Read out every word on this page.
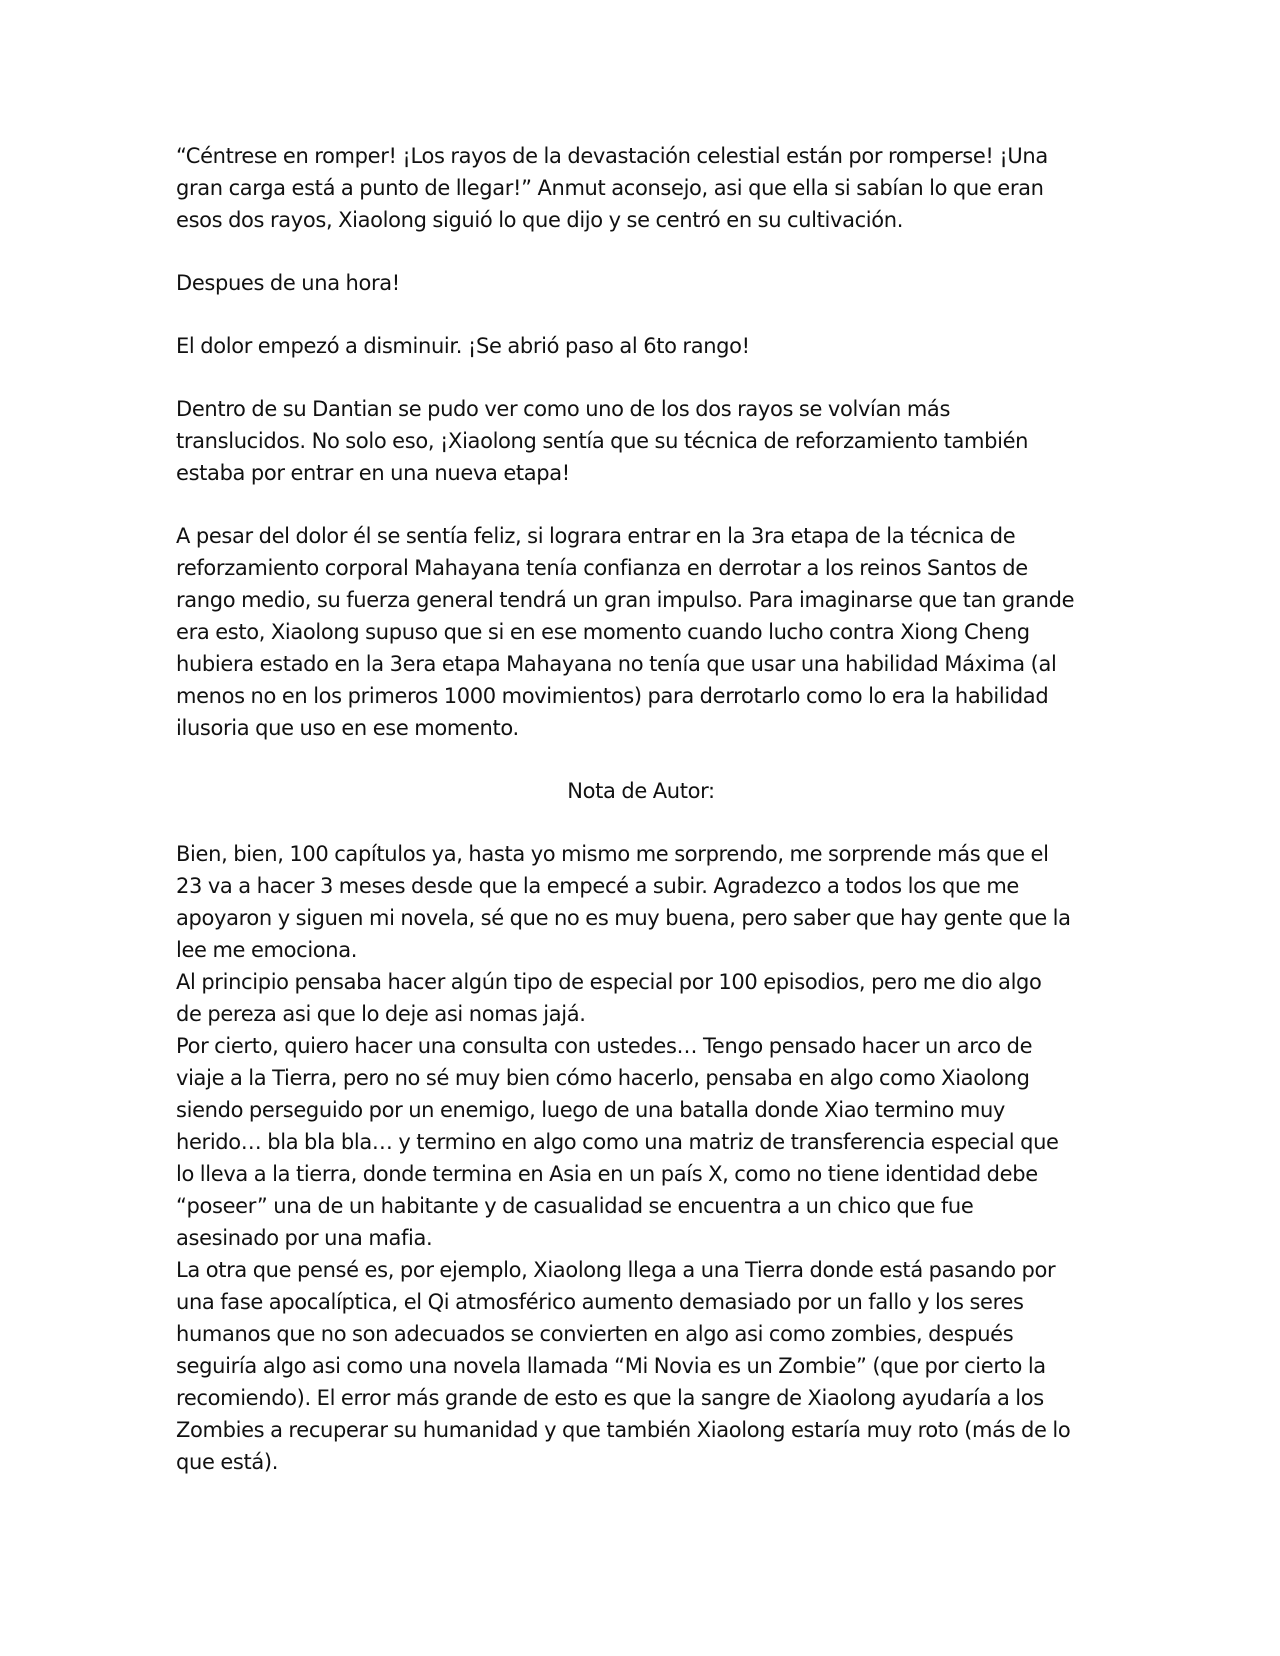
“Céntrese en romper! ¡Los rayos de la devastación celestial están por romperse! ¡Una
gran carga está a punto de llegar!” Anmut aconsejo, asi que ella si sabían lo que eran
esos dos rayos, Xiaolong siguió lo que dijo y se centró en su cultivación.

Despues de una hora!

El dolor empezó a disminuir. ¡Se abrió paso al 6to rango!

Dentro de su Dantian se pudo ver como uno de los dos rayos se volvían más
translucidos. No solo eso, ¡Xiaolong sentía que su técnica de reforzamiento también
estaba por entrar en una nueva etapa!

A pesar del dolor él se sentía feliz, si lograra entrar en la 3ra etapa de la técnica de
reforzamiento corporal Mahayana tenía confianza en derrotar a los reinos Santos de
rango medio, su fuerza general tendrá un gran impulso. Para imaginarse que tan grande
era esto, Xiaolong supuso que si en ese momento cuando lucho contra Xiong Cheng
hubiera estado en la 3era etapa Mahayana no tenía que usar una habilidad Máxima (al
menos no en los primeros 1000 movimientos) para derrotarlo como lo era la habilidad
ilusoria que uso en ese momento.

Nota de Autor:
Bien, bien, 100 capítulos ya, hasta yo mismo me sorprendo, me sorprende más que el
23 va a hacer 3 meses desde que la empecé a subir. Agradezco a todos los que me
apoyaron y siguen mi novela, sé que no es muy buena, pero saber que hay gente que la
lee me emociona.
Al principio pensaba hacer algún tipo de especial por 100 episodios, pero me dio algo
de pereza asi que lo deje asi nomas jajá.
Por cierto, quiero hacer una consulta con ustedes… Tengo pensado hacer un arco de
viaje a la Tierra, pero no sé muy bien cómo hacerlo, pensaba en algo como Xiaolong
siendo perseguido por un enemigo, luego de una batalla donde Xiao termino muy
herido… bla bla bla… y termino en algo como una matriz de transferencia especial que
lo lleva a la tierra, donde termina en Asia en un país X, como no tiene identidad debe
“poseer” una de un habitante y de casualidad se encuentra a un chico que fue
asesinado por una mafia.
La otra que pensé es, por ejemplo, Xiaolong llega a una Tierra donde está pasando por
una fase apocalíptica, el Qi atmosférico aumento demasiado por un fallo y los seres
humanos que no son adecuados se convierten en algo asi como zombies, después
seguiría algo asi como una novela llamada “Mi Novia es un Zombie” (que por cierto la
recomiendo). El error más grande de esto es que la sangre de Xiaolong ayudaría a los
Zombies a recuperar su humanidad y que también Xiaolong estaría muy roto (más de lo
que está).
